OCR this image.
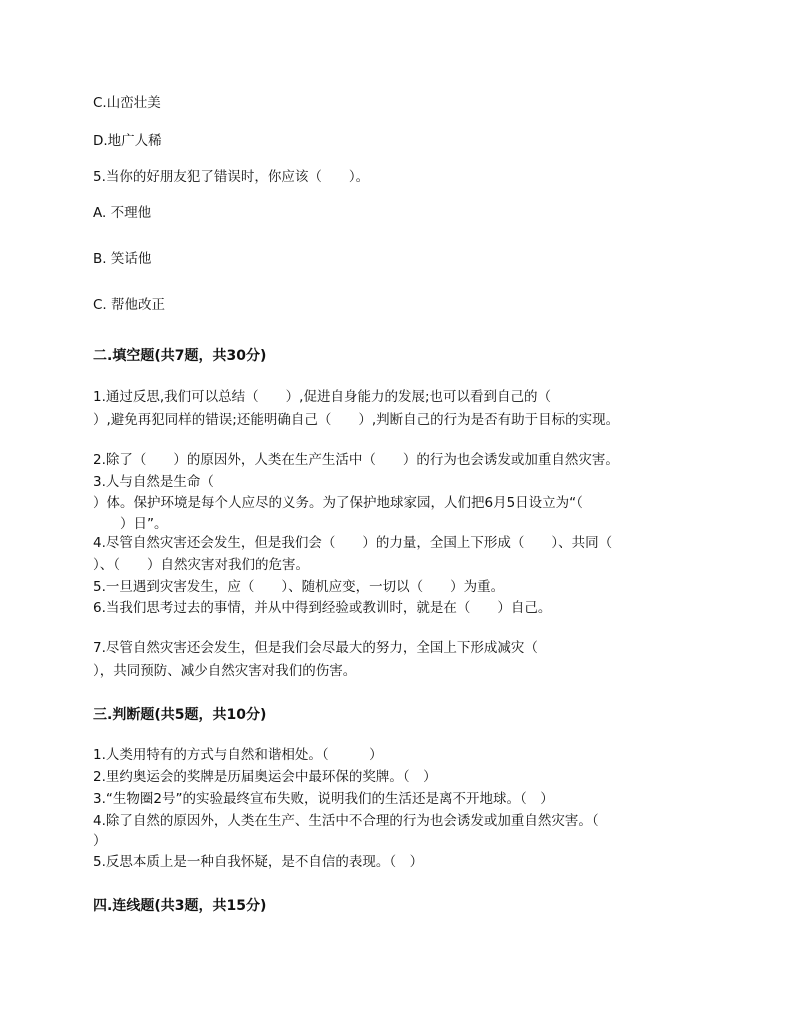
C.山峦壮美
D.地广人稀
5.当你的好朋友犯了错误时，你应该（　　）。
A. 不理他
B. 笑话他
C. 帮他改正
二.填空题(共7题，共30分)
1.通过反思,我们可以总结（　　）,促进自身能力的发展;也可以看到自己的（
）,避免再犯同样的错误;还能明确自己（　　）,判断自己的行为是否有助于目标的实现。
2.除了（　　）的原因外，人类在生产生活中（　　）的行为也会诱发或加重自然灾害。
3.人与自然是生命（
）体。保护环境是每个人应尽的义务。为了保护地球家园，人们把6月5日设立为“（
　　）日”。
4.尽管自然灾害还会发生，但是我们会（　　）的力量，全国上下形成（　　）、共同（
）、（　　）自然灾害对我们的危害。
5.一旦遇到灾害发生，应（　　）、随机应变，一切以（　　）为重。
6.当我们思考过去的事情，并从中得到经验或教训时，就是在（　　）自己。
7.尽管自然灾害还会发生，但是我们会尽最大的努力，全国上下形成减灾（
），共同预防、减少自然灾害对我们的伤害。
三.判断题(共5题，共10分)
1.人类用特有的方式与自然和谐相处。（　　　）
2.里约奥运会的奖牌是历届奥运会中最环保的奖牌。（　）
3.“生物圈2号”的实验最终宣布失败，说明我们的生活还是离不开地球。（　）
4.除了自然的原因外，人类在生产、生活中不合理的行为也会诱发或加重自然灾害。（
）
5.反思本质上是一种自我怀疑，是不自信的表现。（　）
四.连线题(共3题，共15分)
